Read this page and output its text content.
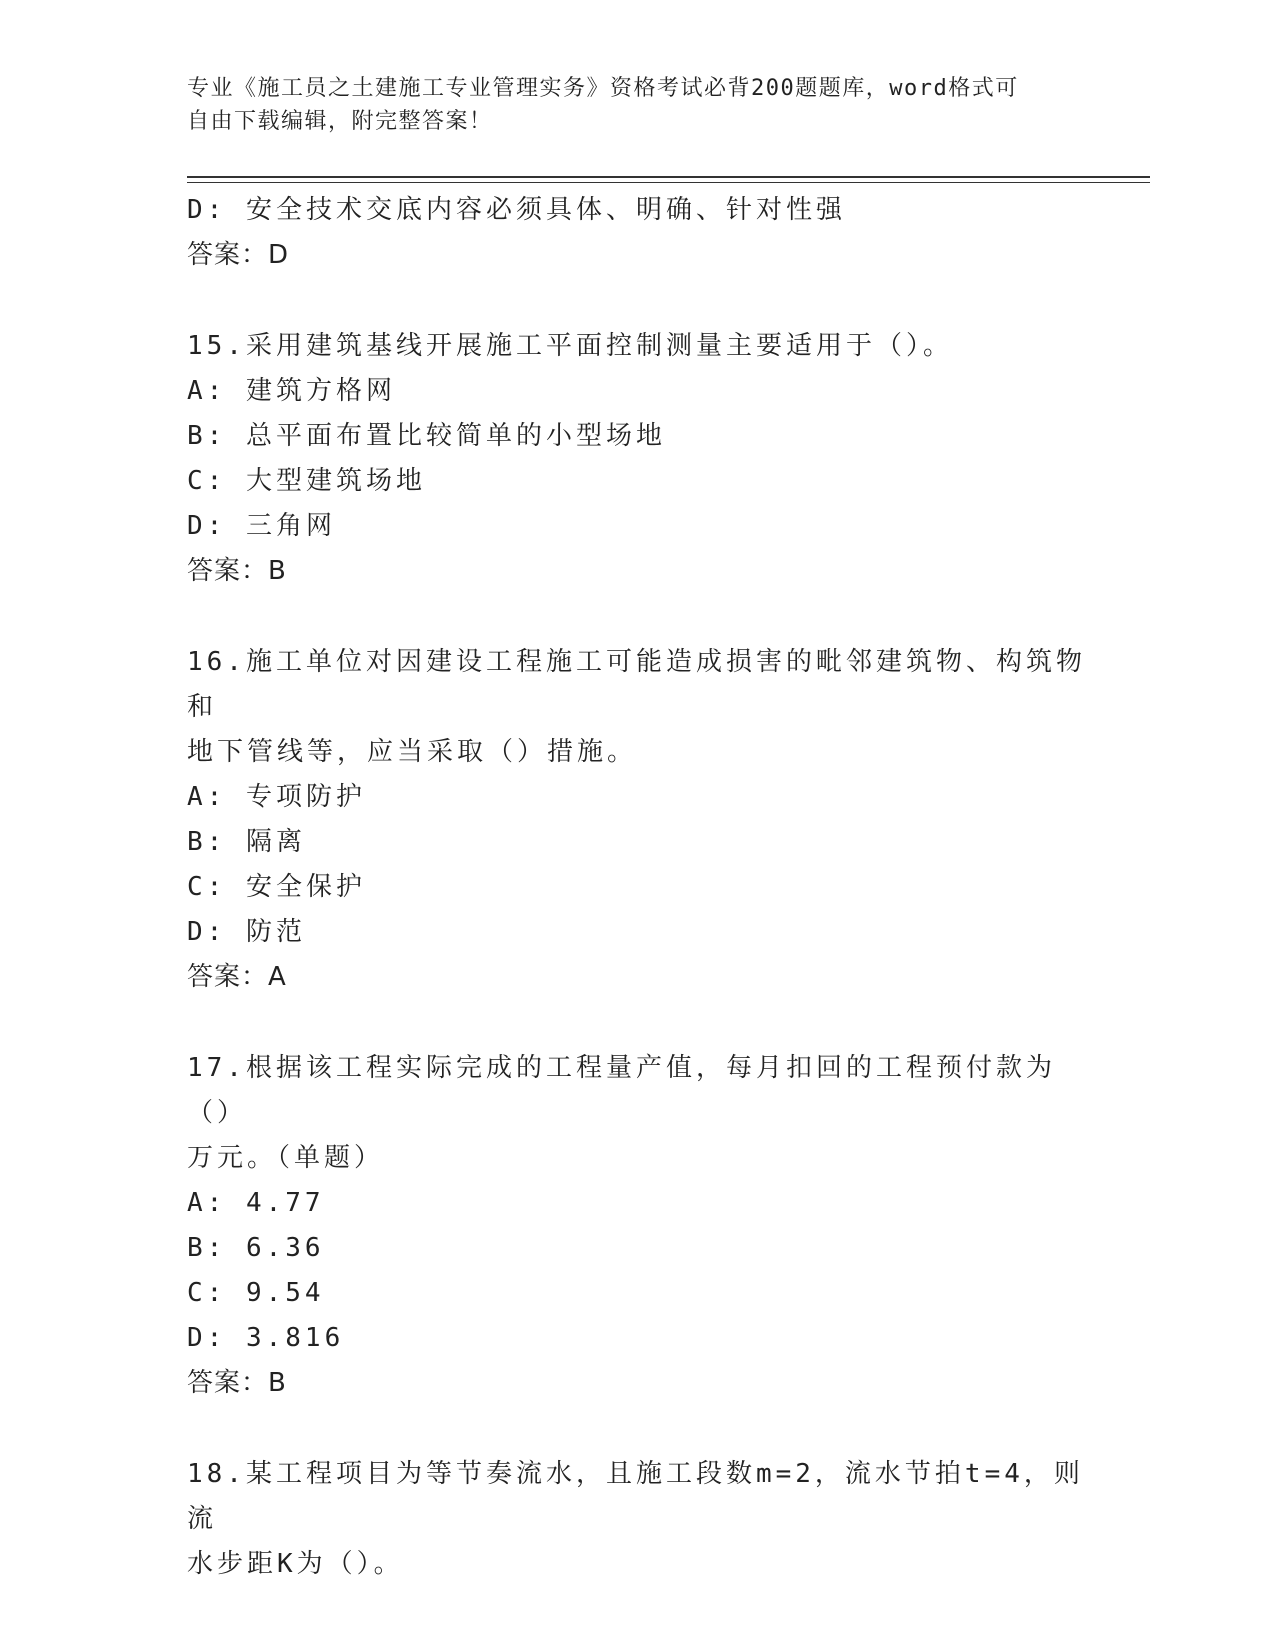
专业《施工员之土建施工专业管理实务》资格考试必背200题题库，word格式可
自由下载编辑，附完整答案！
D: 安全技术交底内容必须具体、明确、针对性强
答案：D
15.采用建筑基线开展施工平面控制测量主要适用于（）。
A: 建筑方格网
B: 总平面布置比较简单的小型场地
C: 大型建筑场地
D: 三角网
答案：B
16.施工单位对因建设工程施工可能造成损害的毗邻建筑物、构筑物和
地下管线等，应当采取（）措施。
A: 专项防护
B: 隔离
C: 安全保护
D: 防范
答案：A
17.根据该工程实际完成的工程量产值，每月扣回的工程预付款为（）
万元。（单题）
A: 4.77
B: 6.36
C: 9.54
D: 3.816
答案：B
18.某工程项目为等节奏流水，且施工段数m=2，流水节拍t=4，则流
水步距K为（）。
